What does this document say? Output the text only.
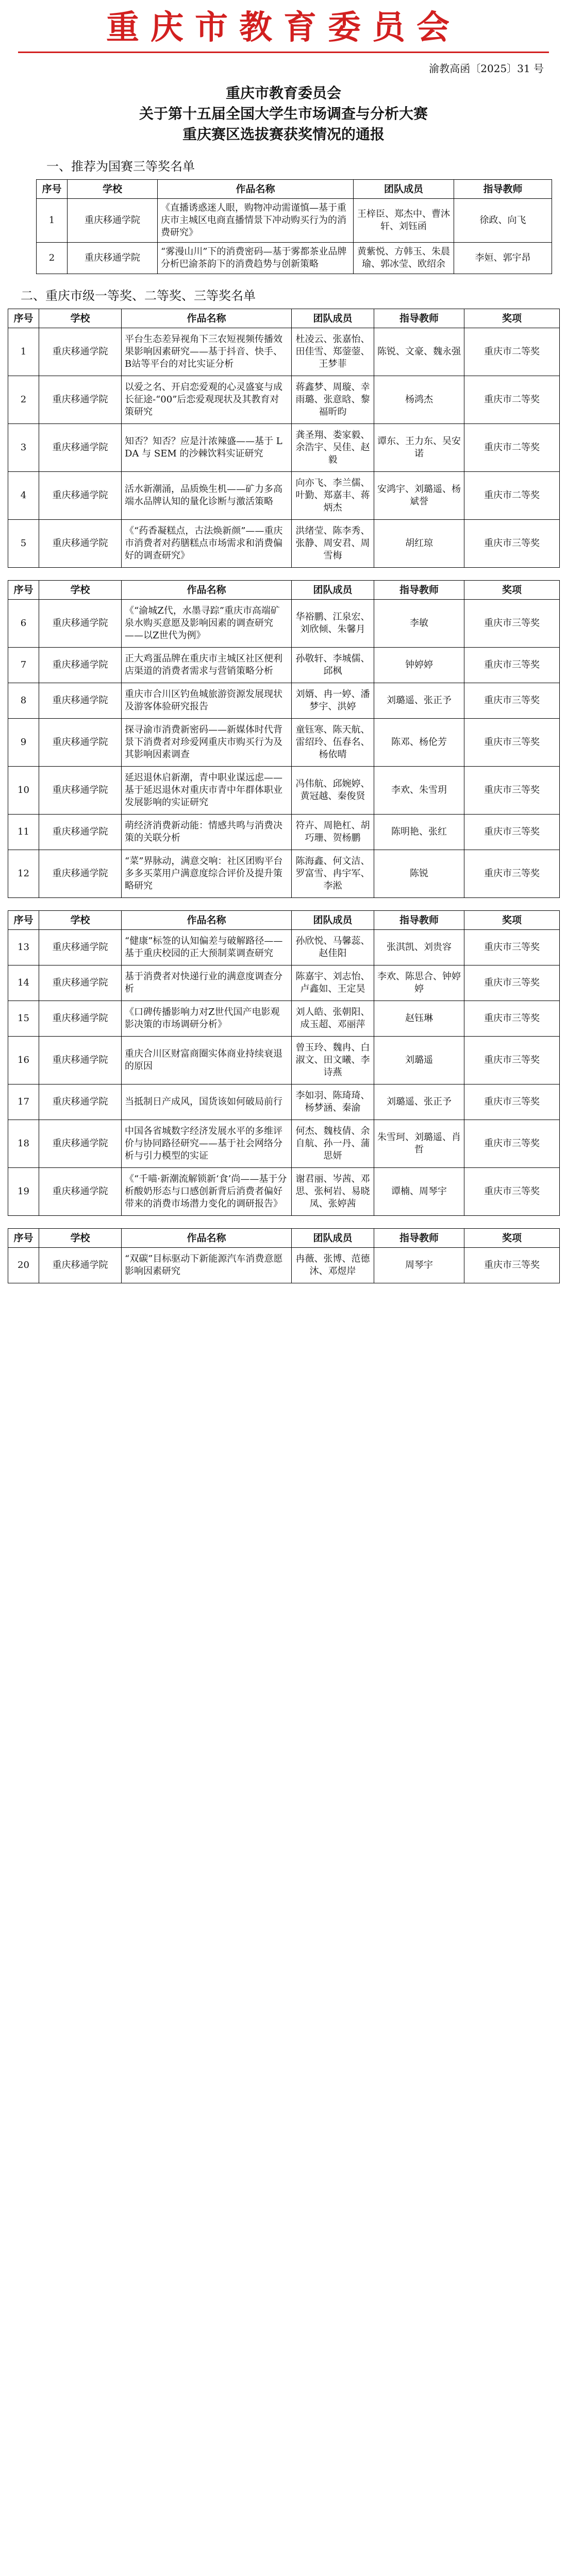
重庆市教育委员会
渝教高函〔2025〕31 号
重庆市教育委员会
关于第十五届全国大学生市场调查与分析大赛
重庆赛区选拔赛获奖情况的通报
一、推荐为国赛三等奖名单
序号	学校	作品名称	团队成员	指导教师
1	重庆移通学院	《直播诱惑迷人眼，购物冲动需谨慎—基于重庆市主城区电商直播情景下冲动购买行为的消费研究》	王梓臣、郑杰中、曹沐轩、刘钰函	徐政、向飞
2	重庆移通学院	“雾漫山川”下的消费密码—基于雾都茶业品牌分析巴渝茶韵下的消费趋势与创新策略	黄紫悦、方韩玉、朱晨瑜、郭冰莹、欧绍余	李姮、郭宇昂
二、重庆市级一等奖、二等奖、三等奖名单
序号	学校	作品名称	团队成员	指导教师	奖项
1	重庆移通学院	平台生态差异视角下三农短视频传播效果影响因素研究——基于抖音、快手、B站等平台的对比实证分析	杜凌云、张嘉怡、田佳雪、郑蓥蓥、王梦菲	陈锐、文豪、魏永强	重庆市二等奖
2	重庆移通学院	以爱之名、开启恋爱观的心灵盛宴与成长征途-“00”后恋爱观现状及其教育对策研究	蒋鑫梦、周璇、幸雨璐、张意晗、黎福昕昀	杨鸿杰	重庆市二等奖
3	重庆移通学院	知否？知否？应是汁浓辣盛——基于 LDA 与 SEM 的沙棘饮料实证研究	龚圣翔、娄家毅、余浩宇、吴佳、赵毅	谭东、王力东、吴安诺	重庆市二等奖
4	重庆移通学院	活水新潮涌，品质焕生机——矿力多高端水品牌认知的量化诊断与激活策略	向亦飞、李兰儒、叶勤、郑嘉丰、蒋炳杰	安鸿宇、刘璐遥、杨斌誉	重庆市二等奖
5	重庆移通学院	《“药香凝糕点，古法焕新颜”——重庆市消费者对药膳糕点市场需求和消费偏好的调查研究》	洪绪莹、陈李秀、张静、周安君、周雪梅	胡红琼	重庆市三等奖
序号	学校	作品名称	团队成员	指导教师	奖项
6	重庆移通学院	《“渝城Z代，水墨寻踪”重庆市高端矿泉水购买意愿及影响因素的调查研究——以Z世代为例》	华裕鹏、江泉宏、刘欣倾、朱馨月	李敏	重庆市三等奖
7	重庆移通学院	正大鸡蛋品牌在重庆市主城区社区便利店渠道的消费者需求与营销策略分析	孙敬轩、李城儒、邱枫	钟婷婷	重庆市三等奖
8	重庆移通学院	重庆市合川区钓鱼城旅游资源发展现状及游客体验研究报告	刘婿、冉一婷、潘梦宇、洪婷	刘璐遥、张正予	重庆市三等奖
9	重庆移通学院	探寻渝市消费新密码——新媒体时代背景下消费者对珍爱网重庆市购买行为及其影响因素调查	童钰寒、陈天航、雷绍玲、伍春名、杨依晴	陈邓、杨伦芳	重庆市三等奖
10	重庆移通学院	延迟退休启新潮，青中职业谋远虑——基于延迟退休对重庆市青中年群体职业发展影响的实证研究	冯伟航、邱婉婷、黄冠越、秦俊贤	李欢、朱雪玥	重庆市三等奖
11	重庆移通学院	萌经济消费新动能：情感共鸣与消费决策的关联分析	符卉、周艳杠、胡巧珊、贺杨鹏	陈明艳、张红	重庆市三等奖
12	重庆移通学院	“菜”界脉动，满意交响：社区团购平台多多买菜用户满意度综合评价及提升策略研究	陈海鑫、何文洁、罗富雪、冉宇军、李淞	陈锐	重庆市三等奖
序号	学校	作品名称	团队成员	指导教师	奖项
13	重庆移通学院	“健康”标签的认知偏差与破解路径——基于重庆校园的正大预制菜调查研究	孙欣悦、马馨蕊、赵佳阳	张淇凯、刘贵容	重庆市三等奖
14	重庆移通学院	基于消费者对快递行业的满意度调查分析	陈嘉宇、刘志怡、卢鑫如、王定昊	李欢、陈思合、钟婷婷	重庆市三等奖
15	重庆移通学院	《口碑传播影响力对Z世代国产电影观影决策的市场调研分析》	刘人皓、张朝阳、成玉超、邓丽萍	赵钰琳	重庆市三等奖
16	重庆移通学院	重庆合川区财富商圈实体商业持续衰退的原因	曾玉玲、魏冉、白淑文、田文曦、李诗燕	刘璐遥	重庆市三等奖
17	重庆移通学院	当抵制日产成风，国货该如何破局前行	李如羽、陈琦琦、杨梦涵、秦渝	刘璐遥、张正予	重庆市三等奖
18	重庆移通学院	中国各省城数字经济发展水平的多维评价与协同路径研究——基于社会网络分析与引力模型的实证	何杰、魏枝倩、余自航、孙一丹、蒲思妍	朱雪珂、刘璐遥、肖哲	重庆市三等奖
19	重庆移通学院	《“千喵·新潮流解锁新‘食’尚——基于分析酸奶形态与口感创新背后消费者偏好带来的消费市场潜力变化的调研报告》	谢君丽、岑茜、邓思、张柯岩、易晓凤、张婷茜	谭楠、周琴宇	重庆市三等奖
序号	学校	作品名称	团队成员	指导教师	奖项
20	重庆移通学院	“双碳”目标驱动下新能源汽车消费意愿影响因素研究	冉薇、张博、范德沐、邓煜岸	周琴宇	重庆市三等奖
